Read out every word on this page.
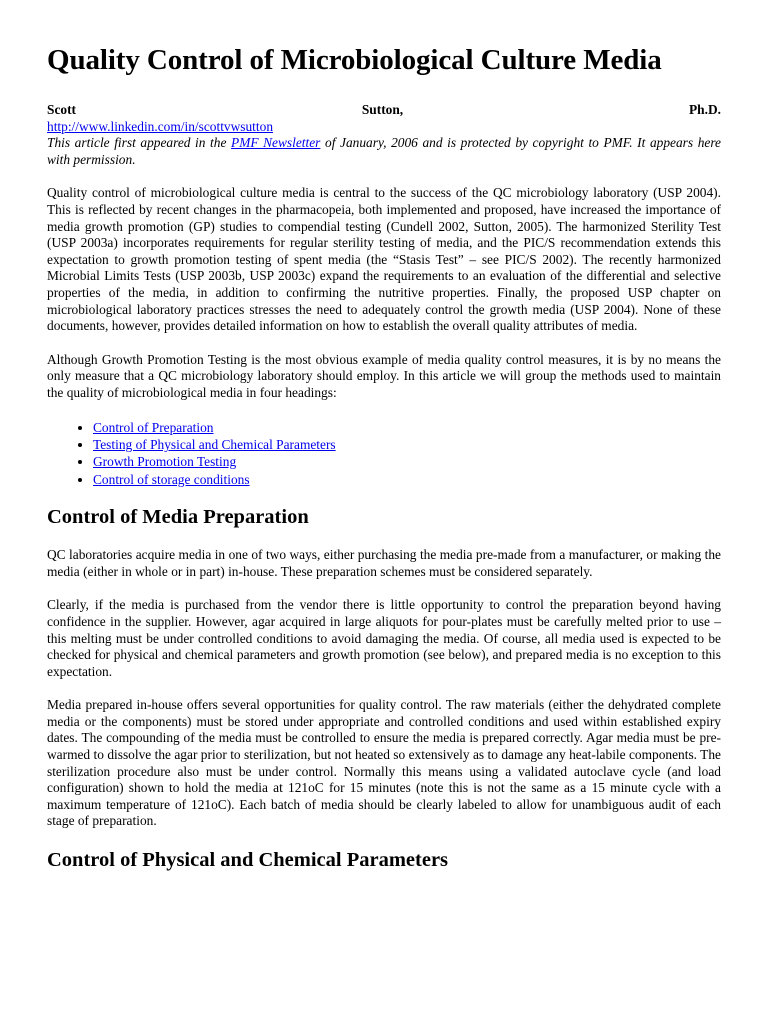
Quality Control of Microbiological Culture Media
Scott	Sutton,	Ph.D.
http://www.linkedin.com/in/scottvwsutton
This article first appeared in the PMF Newsletter of January, 2006 and is protected by copyright to PMF. It appears here with permission.

Quality control of microbiological culture media is central to the success of the QC microbiology laboratory (USP 2004). This is reflected by recent changes in the pharmacopeia, both implemented and proposed, have increased the importance of media growth promotion (GP) studies to compendial testing (Cundell 2002, Sutton, 2005). The harmonized Sterility Test (USP 2003a) incorporates requirements for regular sterility testing of media, and the PIC/S recommendation extends this expectation to growth promotion testing of spent media (the “Stasis Test” – see PIC/S 2002). The recently harmonized Microbial Limits Tests (USP 2003b, USP 2003c) expand the requirements to an evaluation of the differential and selective properties of the media, in addition to confirming the nutritive properties. Finally, the proposed USP chapter on microbiological laboratory practices stresses the need to adequately control the growth media (USP 2004). None of these documents, however, provides detailed information on how to establish the overall quality attributes of media.

Although Growth Promotion Testing is the most obvious example of media quality control measures, it is by no means the only measure that a QC microbiology laboratory should employ. In this article we will group the methods used to maintain the quality of microbiological media in four headings:

• Control of Preparation
• Testing of Physical and Chemical Parameters
• Growth Promotion Testing
• Control of storage conditions
Control of Media Preparation

QC laboratories acquire media in one of two ways, either purchasing the media pre-made from a manufacturer, or making the media (either in whole or in part) in-house. These preparation schemes must be considered separately.

Clearly, if the media is purchased from the vendor there is little opportunity to control the preparation beyond having confidence in the supplier. However, agar acquired in large aliquots for pour-plates must be carefully melted prior to use – this melting must be under controlled conditions to avoid damaging the media. Of course, all media used is expected to be checked for physical and chemical parameters and growth promotion (see below), and prepared media is no exception to this expectation.

Media prepared in-house offers several opportunities for quality control. The raw materials (either the dehydrated complete media or the components) must be stored under appropriate and controlled conditions and used within established expiry dates. The compounding of the media must be controlled to ensure the media is prepared correctly. Agar media must be pre-warmed to dissolve the agar prior to sterilization, but not heated so extensively as to damage any heat-labile components. The sterilization procedure also must be under control. Normally this means using a validated autoclave cycle (and load configuration) shown to hold the media at 121oC for 15 minutes (note this is not the same as a 15 minute cycle with a maximum temperature of 121oC). Each batch of media should be clearly labeled to allow for unambiguous audit of each stage of preparation.

Control of Physical and Chemical Parameters
